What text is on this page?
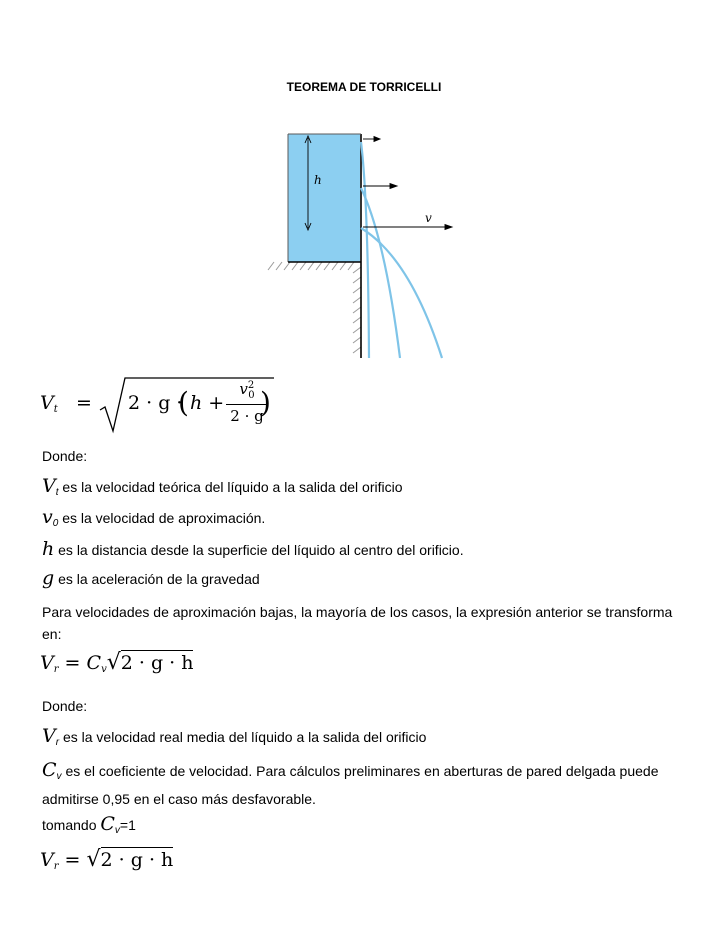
TEOREMA DE TORRICELLI
h
v
$V_t = 2 \cdot g$ ·
( h +
$v^2_0$
2 · g
)
Donde:
$V_t$ es la velocidad teórica del líquido a la salida del orificio
$v_0$ es la velocidad de aproximación.
h es la distancia desde la superficie del líquido al centro del orificio.
g es la aceleración de la gravedad
Para velocidades de aproximación bajas, la mayoría de los casos, la expresión anterior se transforma en:
$V_r = C_v√2 \cdot g \cdot h$
Donde:
$V_r$ es la velocidad real media del líquido a la salida del orificio
$C_v$ es el coeficiente de velocidad. Para cálculos preliminares en aberturas de pared delgada puede admitirse 0,95 en el caso más desfavorable.
tomando $C_v=1$
$V_r = √2 \cdot g \cdot h$
